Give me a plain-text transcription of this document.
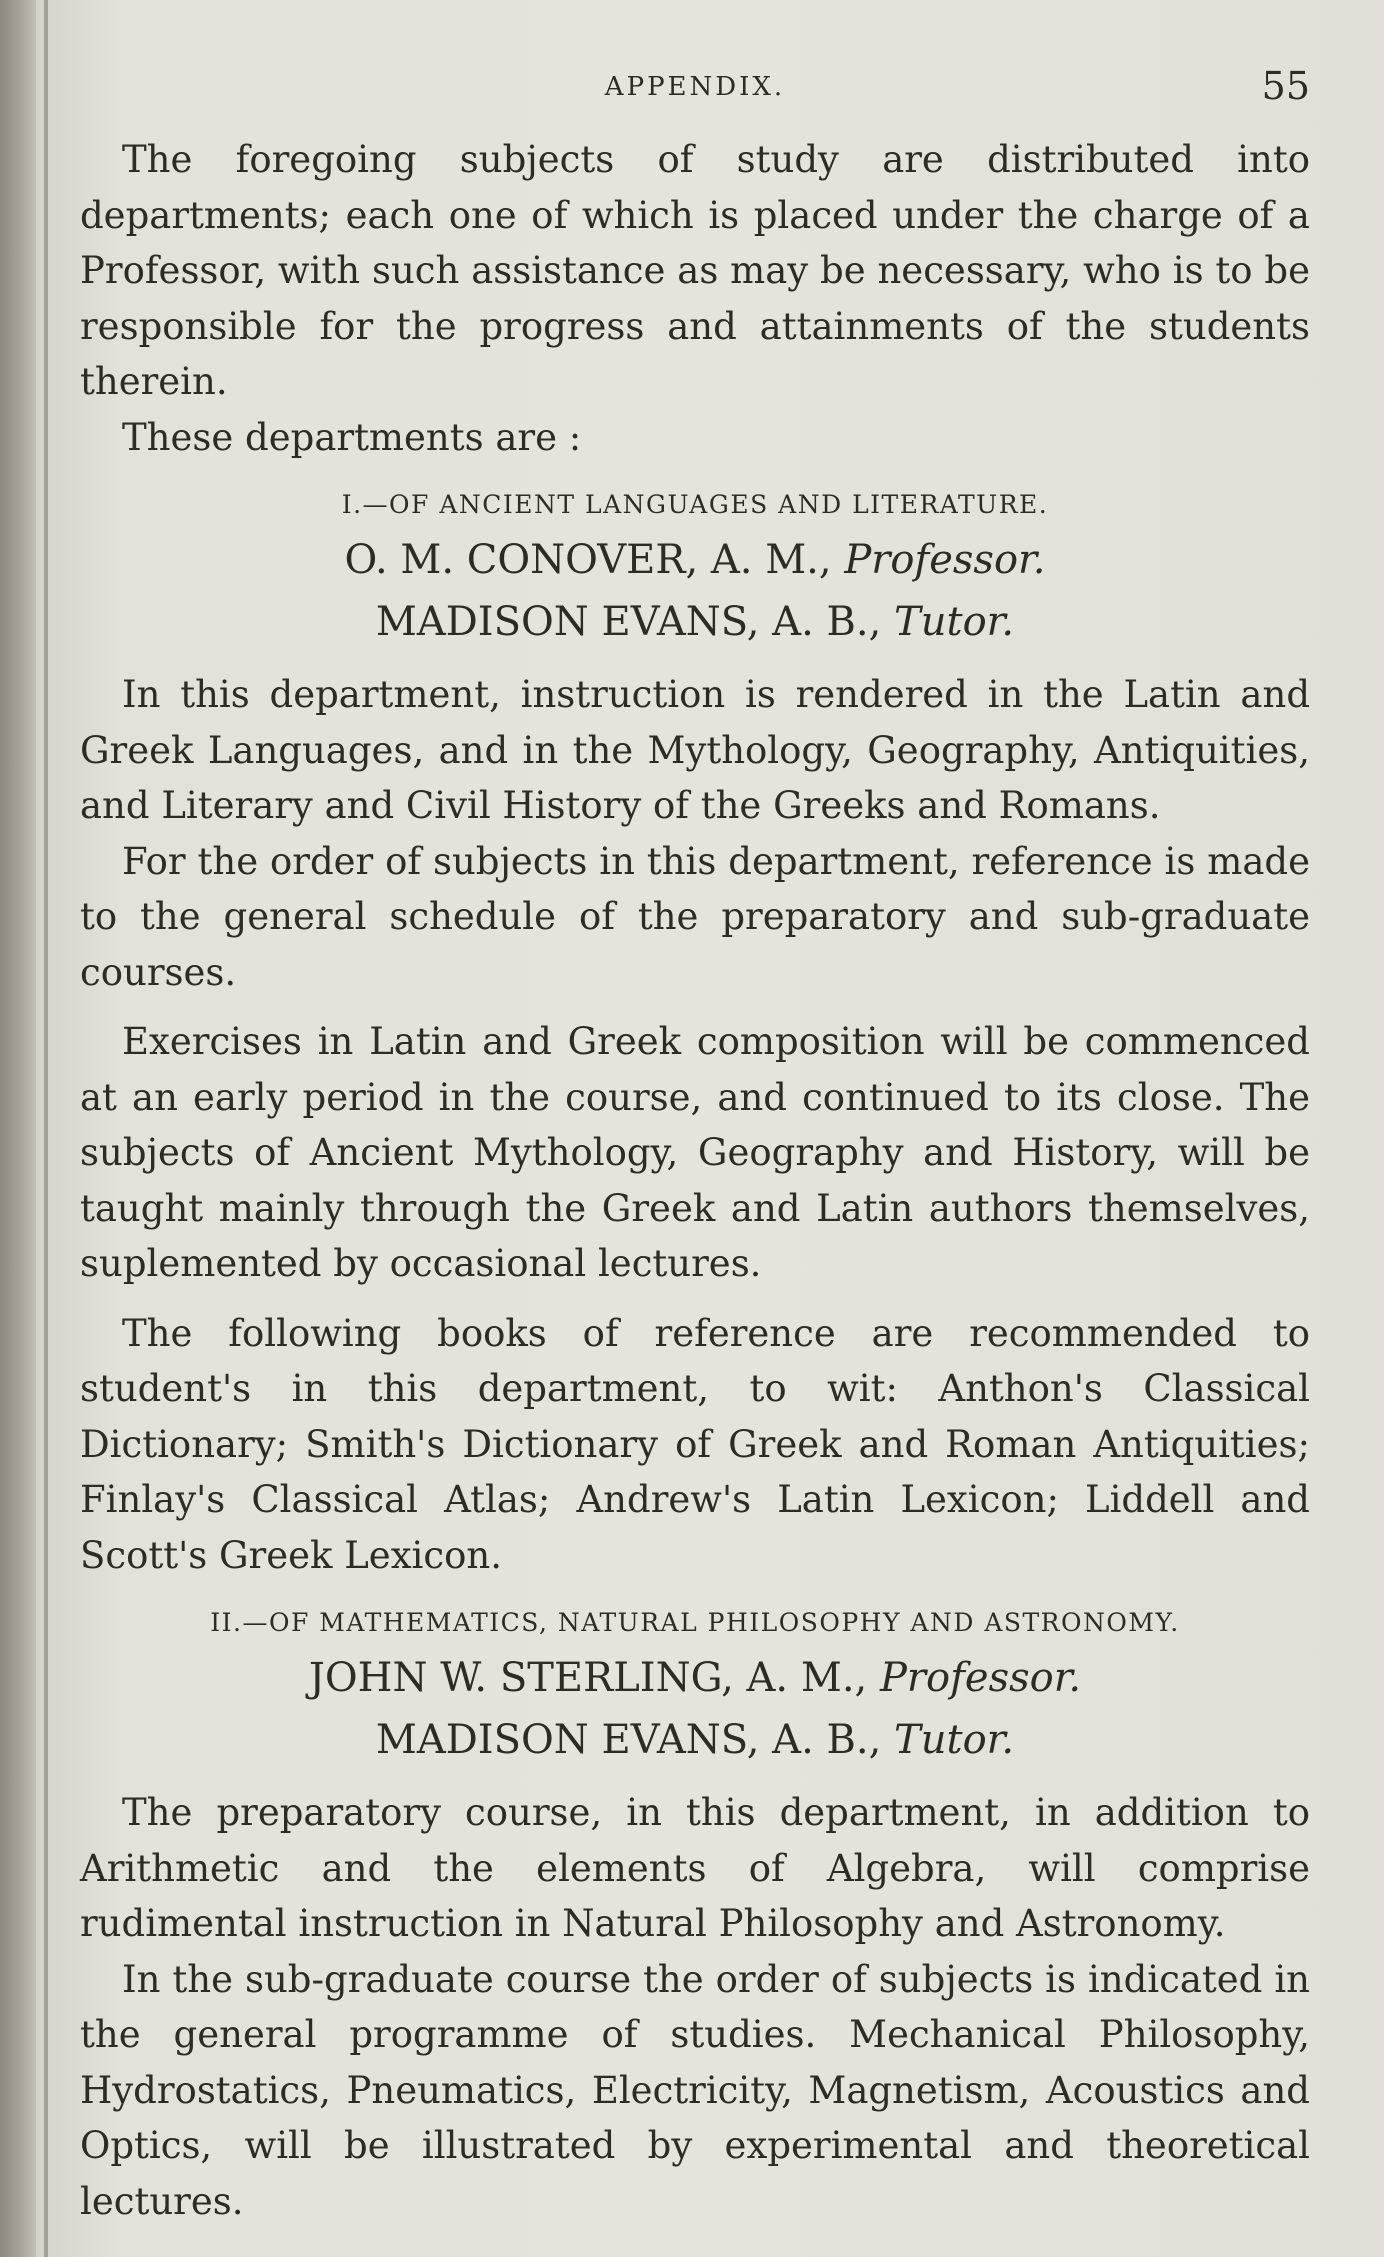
APPENDIX.	55

The foregoing subjects of study are distributed into departments; each one of which is placed under the charge of a Professor, with such assistance as may be necessary, who is to be responsible for the progress and attainments of the students therein.

These departments are :

I.—OF ANCIENT LANGUAGES AND LITERATURE.

O. M. CONOVER, A. M., Professor.

MADISON EVANS, A. B., Tutor.

In this department, instruction is rendered in the Latin and Greek Languages, and in the Mythology, Geography, Antiquities, and Literary and Civil History of the Greeks and Romans.

For the order of subjects in this department, reference is made to the general schedule of the preparatory and sub-graduate courses.

Exercises in Latin and Greek composition will be commenced at an early period in the course, and continued to its close. The subjects of Ancient Mythology, Geography and History, will be taught mainly through the Greek and Latin authors themselves, suplemented by occasional lectures.

The following books of reference are recommended to student's in this department, to wit: Anthon's Classical Dictionary; Smith's Dictionary of Greek and Roman Antiquities; Finlay's Classical Atlas; Andrew's Latin Lexicon; Liddell and Scott's Greek Lexicon.

II.—OF MATHEMATICS, NATURAL PHILOSOPHY AND ASTRONOMY.

JOHN W. STERLING, A. M., Professor.

MADISON EVANS, A. B., Tutor.

The preparatory course, in this department, in addition to Arithmetic and the elements of Algebra, will comprise rudimental instruction in Natural Philosophy and Astronomy.

In the sub-graduate course the order of subjects is indicated in the general programme of studies. Mechanical Philosophy, Hydrostatics, Pneumatics, Electricity, Magnetism, Acoustics and Optics, will be illustrated by experimental and theoretical lectures.
